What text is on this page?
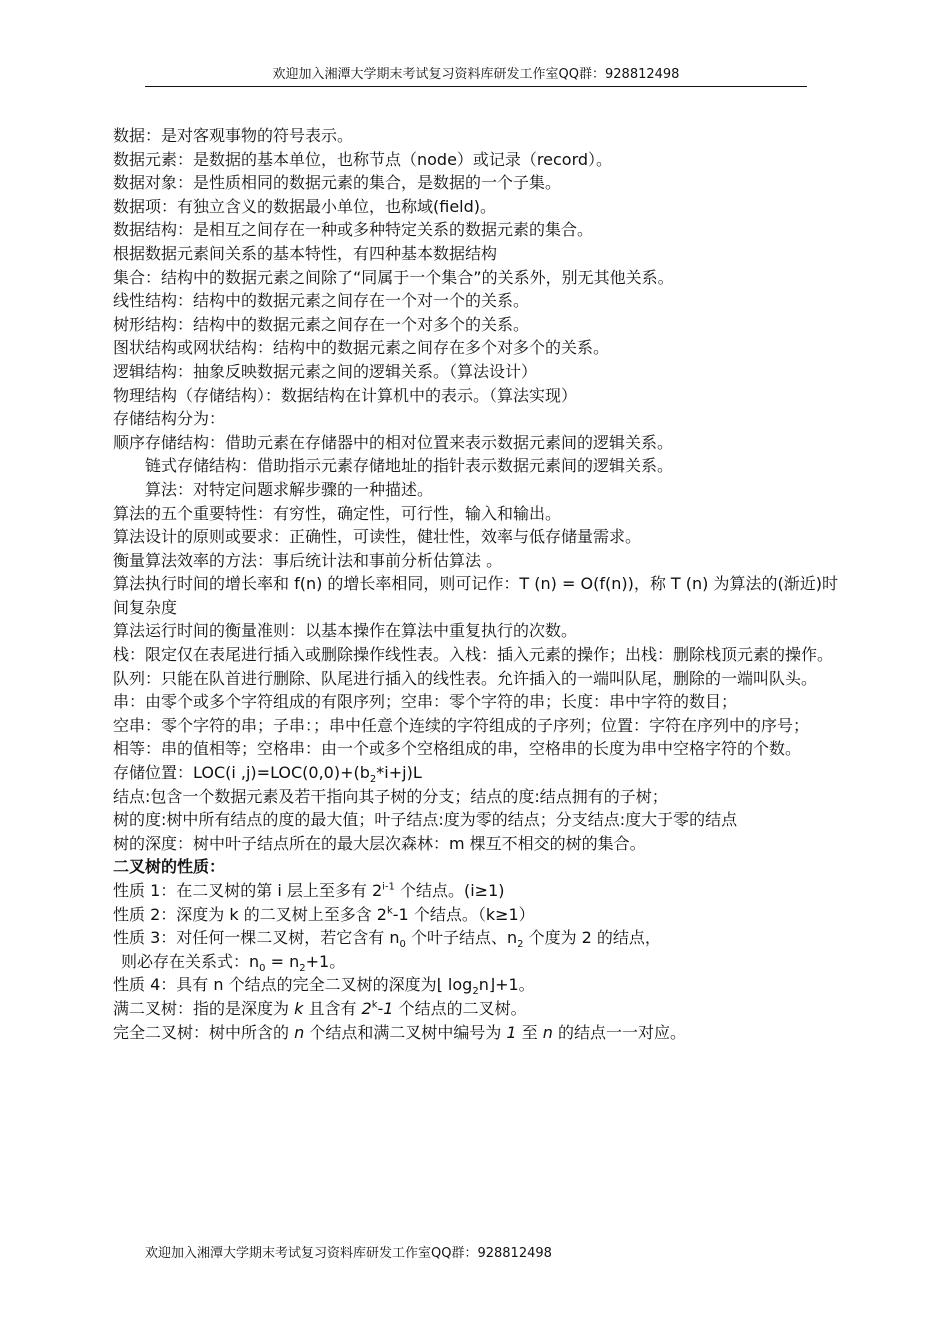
欢迎加入湘潭大学期末考试复习资料库研发工作室QQ群：928812498

数据：是对客观事物的符号表示。

数据元素：是数据的基本单位，也称节点（node）或记录（record）。

数据对象：是性质相同的数据元素的集合，是数据的一个子集。

数据项：有独立含义的数据最小单位，也称域(field)。

数据结构：是相互之间存在一种或多种特定关系的数据元素的集合。

根据数据元素间关系的基本特性，有四种基本数据结构

集合：结构中的数据元素之间除了“同属于一个集合”的关系外，别无其他关系。

线性结构：结构中的数据元素之间存在一个对一个的关系。

树形结构：结构中的数据元素之间存在一个对多个的关系。

图状结构或网状结构：结构中的数据元素之间存在多个对多个的关系。

逻辑结构：抽象反映数据元素之间的逻辑关系。（算法设计）

物理结构（存储结构）：数据结构在计算机中的表示。（算法实现）

存储结构分为：

顺序存储结构：借助元素在存储器中的相对位置来表示数据元素间的逻辑关系。

链式存储结构：借助指示元素存储地址的指针表示数据元素间的逻辑关系。

算法：对特定问题求解步骤的一种描述。

算法的五个重要特性：有穷性，确定性，可行性，输入和输出。

算法设计的原则或要求：正确性，可读性，健壮性，效率与低存储量需求。

衡量算法效率的方法：事后统计法和事前分析估算法 。

算法执行时间的增长率和 f(n) 的增长率相同，则可记作：T (n) = O(f(n))，称 T (n) 为算法的(渐近)时间复杂度

算法运行时间的衡量准则：以基本操作在算法中重复执行的次数。

栈：限定仅在表尾进行插入或删除操作线性表。入栈：插入元素的操作；出栈：删除栈顶元素的操作。

队列：只能在队首进行删除、队尾进行插入的线性表。允许插入的一端叫队尾，删除的一端叫队头。串：由零个或多个字符组成的有限序列；空串：零个字符的串；长度：串中字符的数目；

空串：零个字符的串；子串：；串中任意个连续的字符组成的子序列；位置：字符在序列中的序号；

相等：串的值相等；空格串：由一个或多个空格组成的串，空格串的长度为串中空格字符的个数。

存储位置：LOC(i $,j)=LOC(0,0)+(b_2*i+j)L$

结点:包含一个数据元素及若干指向其子树的分支；结点的度:结点拥有的子树；

树的度:树中所有结点的度的最大值；叶子结点:度为零的结点；分支结点:度大于零的结点

树的深度：树中叶子结点所在的最大层次森林：m 棵互不相交的树的集合。

二叉树的性质：

性质 1：在二叉树的第 i 层上至多有 2$^{i-1}$ 个结点。(i≥1)

性质 2：深度为 k 的二叉树上至多含 2$^k$-1 个结点。（k≥1）

性质 3：对任何一棵二叉树，若它含有 $n_0$ 个叶子结点、$n_2$ 个度为 2 的结点，

则必存在关系式：$n_0 = n_2+1$。

性质 4：具有 n 个结点的完全二叉树的深度为⌊ $\log_2n⌋+1$。

满二叉树：指的是深度为 k 且含有 2$^k$-1 个结点的二叉树。

完全二叉树：树中所含的 n 个结点和满二叉树中编号为 1 至 n 的结点一一对应。

欢迎加入湘潭大学期末考试复习资料库研发工作室QQ群：928812498
